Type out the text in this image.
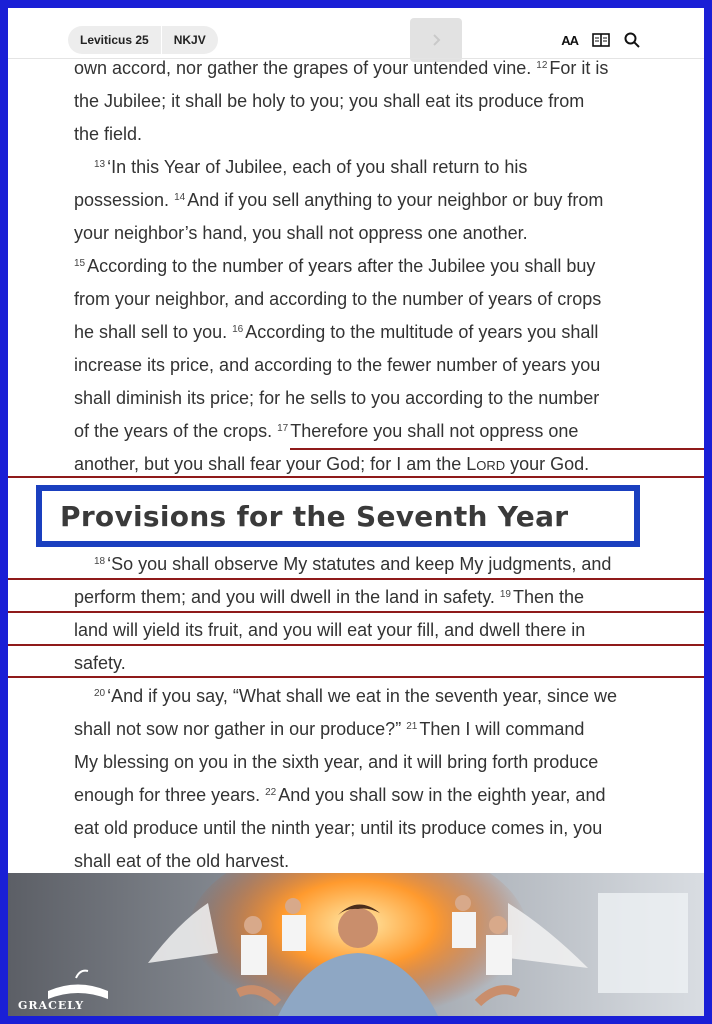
Leviticus 25	NKJV	AA
own accord, nor gather the grapes of your untended vine. $^{12}$ For it is
the Jubilee; it shall be holy to you; you shall eat its produce from
the field.
$^{13}$ ‘In this Year of Jubilee, each of you shall return to his
possession. $^{14}$ And if you sell anything to your neighbor or buy from
your neighbor’s hand, you shall not oppress one another.
$^{15}$ According to the number of years after the Jubilee you shall buy
from your neighbor, and according to the number of years of crops
he shall sell to you. $^{16}$ According to the multitude of years you shall
increase its price, and according to the fewer number of years you
shall diminish its price; for he sells to you according to the number
of the years of the crops. $^{17}$ Therefore you shall not oppress one
another, but you shall fear your God; for I am the Lord your God.
Provisions for the Seventh Year
$^{18}$ ‘So you shall observe My statutes and keep My judgments, and
perform them; and you will dwell in the land in safety. $^{19}$ Then the
land will yield its fruit, and you will eat your fill, and dwell there in
safety.
$^{20}$ ‘And if you say, “What shall we eat in the seventh year, since we
shall not sow nor gather in our produce?” $^{21}$ Then I will command
My blessing on you in the sixth year, and it will bring forth produce
enough for three years. $^{22}$ And you shall sow in the eighth year, and
eat old produce until the ninth year; until its produce comes in, you
shall eat of the old harvest.
GRACELY
